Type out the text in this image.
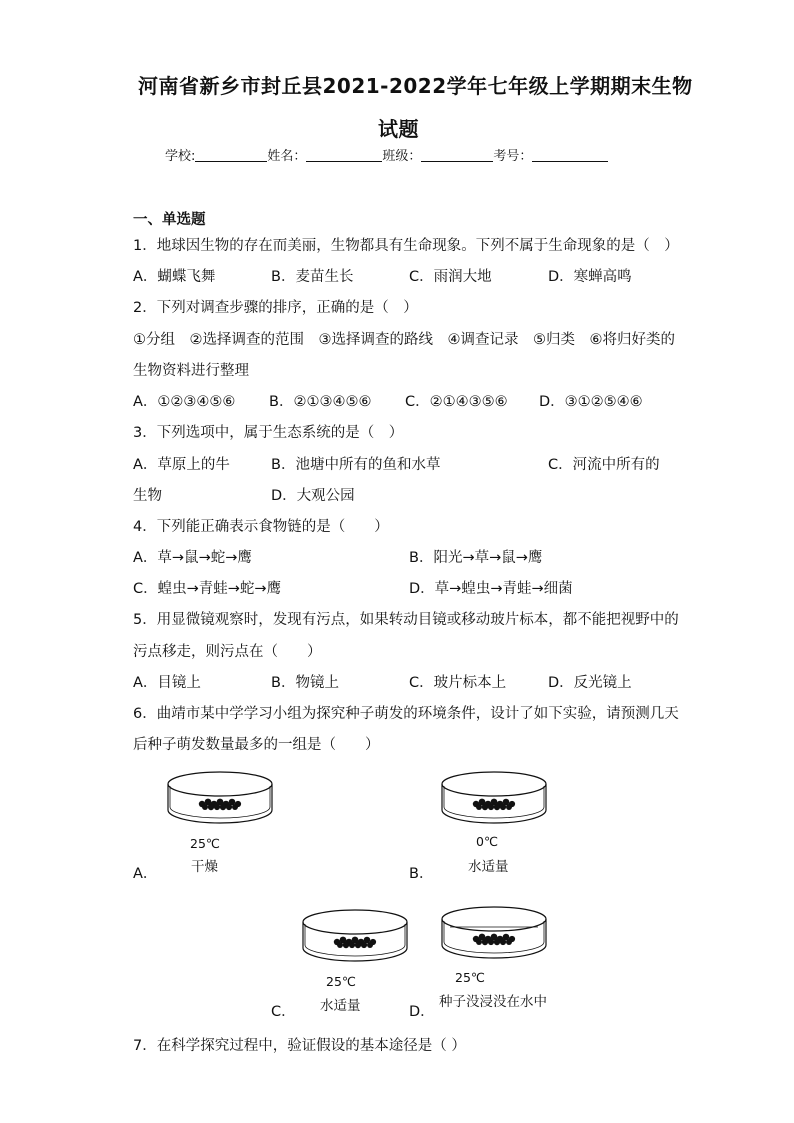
河南省新乡市封丘县2021-2022学年七年级上学期期末生物
试题
学校:	姓名：	班级：	考号：
一、单选题
1．地球因生物的存在而美丽，生物都具有生命现象。下列不属于生命现象的是（　）
A．蝴蝶飞舞	B．麦苗生长	C．雨润大地	D．寒蝉高鸣
2．下列对调查步骤的排序，正确的是（　）
①分组　②选择调查的范围　③选择调查的路线　④调查记录　⑤归类　⑥将归好类的
生物资料进行整理
A．①②③④⑤⑥ B．②①③④⑤⑥ C．②①④③⑤⑥ D．③①②⑤④⑥
3．下列选项中，属于生态系统的是（　）
A．草原上的牛	B．池塘中所有的鱼和水草	C．河流中所有的
生物	D．大观公园
4．下列能正确表示食物链的是（　　）
A．草→鼠→蛇→鹰	B．阳光→草→鼠→鹰
C．蝗虫→青蛙→蛇→鹰	D．草→蝗虫→青蛙→细菌
5．用显微镜观察时，发现有污点，如果转动目镜或移动玻片标本，都不能把视野中的
污点移走，则污点在（　　）
A．目镜上	B．物镜上	C．玻片标本上	D．反光镜上
6．曲靖市某中学学习小组为探究种子萌发的环境条件，设计了如下实验，请预测几天
后种子萌发数量最多的一组是（　　）
25℃
干燥
A．
0℃
水适量
B．
25℃
水适量
C．
25℃
种子没浸没在水中
D．
7．在科学探究过程中，验证假设的基本途径是（ ）
